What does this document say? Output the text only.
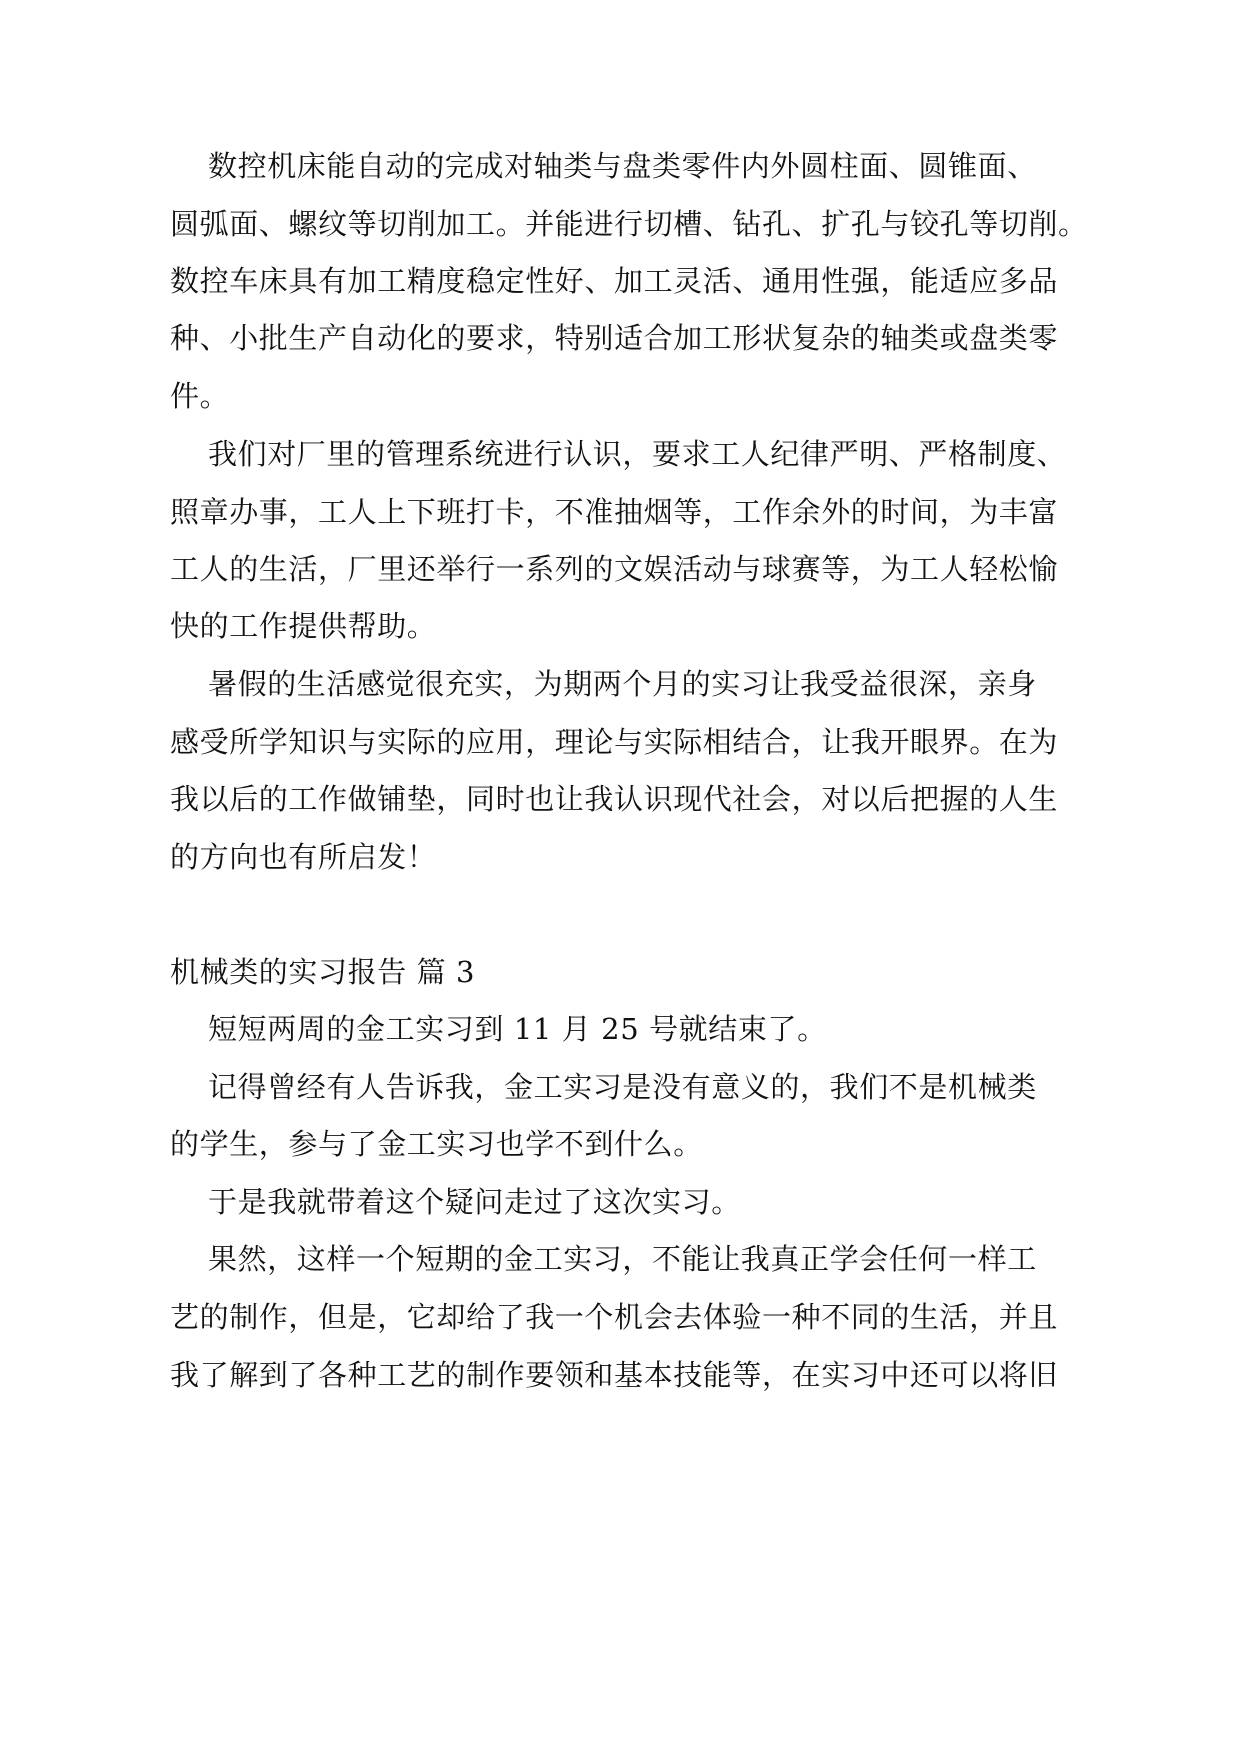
数控机床能自动的完成对轴类与盘类零件内外圆柱面、圆锥面、
圆弧面、螺纹等切削加工。并能进行切槽、钻孔、扩孔与铰孔等切削。
数控车床具有加工精度稳定性好、加工灵活、通用性强，能适应多品
种、小批生产自动化的要求，特别适合加工形状复杂的轴类或盘类零
件。
我们对厂里的管理系统进行认识，要求工人纪律严明、严格制度、
照章办事，工人上下班打卡，不准抽烟等，工作余外的时间，为丰富
工人的生活，厂里还举行一系列的文娱活动与球赛等，为工人轻松愉
快的工作提供帮助。
暑假的生活感觉很充实，为期两个月的实习让我受益很深，亲身
感受所学知识与实际的应用，理论与实际相结合，让我开眼界。在为
我以后的工作做铺垫，同时也让我认识现代社会，对以后把握的人生
的方向也有所启发！
机械类的实习报告 篇 3
短短两周的金工实习到 11 月 25 号就结束了。
记得曾经有人告诉我，金工实习是没有意义的，我们不是机械类
的学生，参与了金工实习也学不到什么。
于是我就带着这个疑问走过了这次实习。
果然，这样一个短期的金工实习，不能让我真正学会任何一样工
艺的制作，但是，它却给了我一个机会去体验一种不同的生活，并且
我了解到了各种工艺的制作要领和基本技能等，在实习中还可以将旧
